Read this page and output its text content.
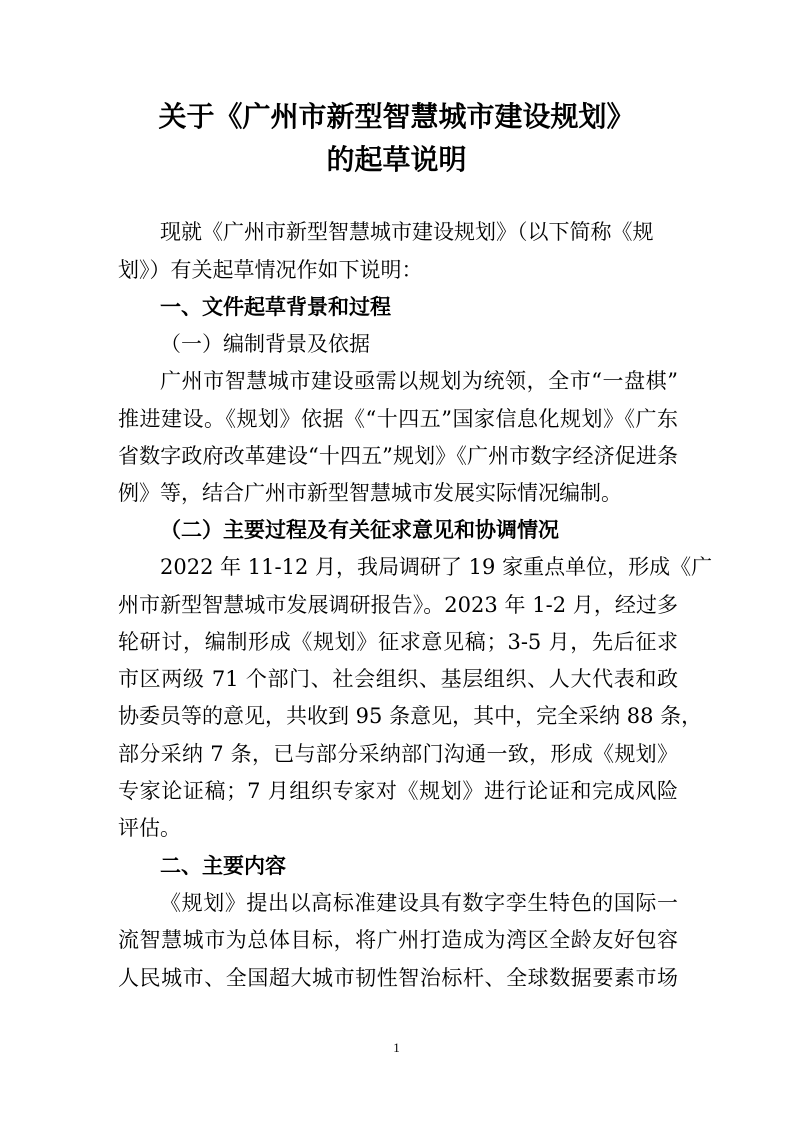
关于《广州市新型智慧城市建设规划》
的起草说明
现就《广州市新型智慧城市建设规划》（以下简称《规
划》）有关起草情况作如下说明：
一、文件起草背景和过程
（一）编制背景及依据
广州市智慧城市建设亟需以规划为统领，全市“一盘棋”
推进建设。《规划》依据《“十四五”国家信息化规划》《广东
省数字政府改革建设“十四五”规划》《广州市数字经济促进条
例》等，结合广州市新型智慧城市发展实际情况编制。
（二）主要过程及有关征求意见和协调情况
2022 年 11-12 月，我局调研了 19 家重点单位，形成《广
州市新型智慧城市发展调研报告》。2023 年 1-2 月，经过多
轮研讨，编制形成《规划》征求意见稿；3-5 月，先后征求
市区两级 71 个部门、社会组织、基层组织、人大代表和政
协委员等的意见，共收到 95 条意见，其中，完全采纳 88 条，
部分采纳 7 条，已与部分采纳部门沟通一致，形成《规划》
专家论证稿；7 月组织专家对《规划》进行论证和完成风险
评估。
二、主要内容
《规划》提出以高标准建设具有数字孪生特色的国际一
流智慧城市为总体目标，将广州打造成为湾区全龄友好包容
人民城市、全国超大城市韧性智治标杆、全球数据要素市场
1
